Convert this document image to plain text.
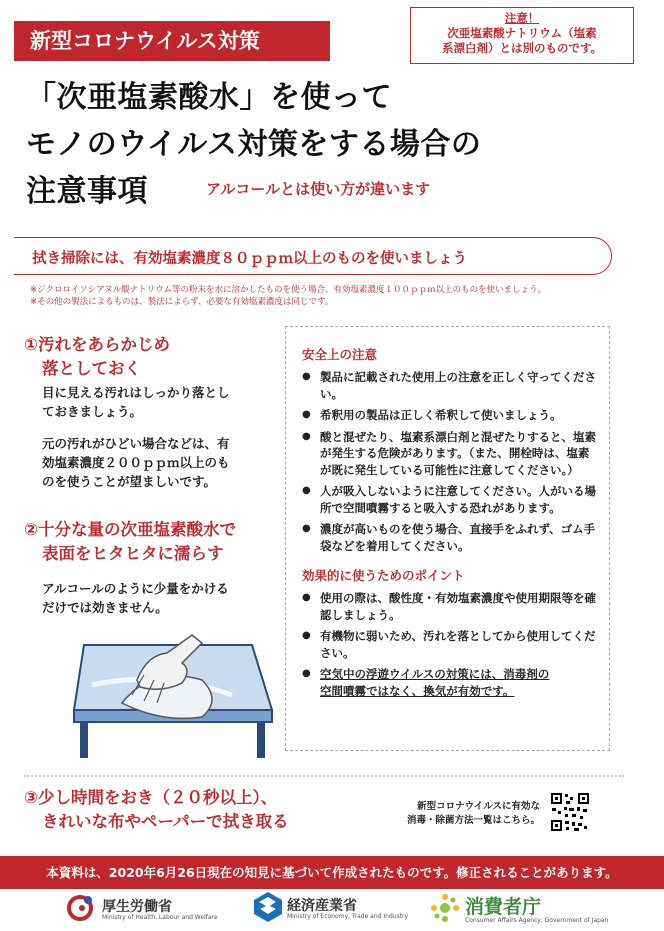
新型コロナウイルス対策
注意！
次亜塩素酸ナトリウム（塩素
系漂白剤）とは別のものです。
「次亜塩素酸水」を使って
モノのウイルス対策をする場合の
注意事項	アルコールとは使い方が違います
拭き掃除には、有効塩素濃度８０ｐｐｍ以上のものを使いましょう
※ジクロロイソシアヌル酸ナトリウム等の粉末を水に溶かしたものを使う場合、有効塩素濃度１００ｐｐｍ以上のものを使いましょう。
※その他の製法によるものは、製法によらず、必要な有効塩素濃度は同じです。
①汚れをあらかじめ
落としておく
目に見える汚れはしっかり落とし
ておきましょう。
元の汚れがひどい場合などは、有
効塩素濃度２００ｐｐｍ以上のも
のを使うことが望ましいです。
②十分な量の次亜塩素酸水で
表面をヒタヒタに濡らす
アルコールのように少量をかける
だけでは効きません。
安全上の注意
● 製品に記載された使用上の注意を正しく守ってください。
● 希釈用の製品は正しく希釈して使いましょう。
● 酸と混ぜたり、塩素系漂白剤と混ぜたりすると、塩素が発生する危険があります。（また、開栓時は、塩素が既に発生している可能性に注意してください。）
● 人が吸入しないように注意してください。人がいる場所で空間噴霧すると吸入する恐れがあります。
● 濃度が高いものを使う場合、直接手をふれず、ゴム手袋などを着用してください。
効果的に使うためのポイント
● 使用の際は、酸性度・有効塩素濃度や使用期限等を確認しましょう。
● 有機物に弱いため、汚れを落としてから使用してください。
● 空気中の浮遊ウイルスの対策には、消毒剤の
空間噴霧ではなく、換気が有効です。
③少し時間をおき（２０秒以上）、
きれいな布やペーパーで拭き取る
新型コロナウイルスに有効な
消毒・除菌方法一覧はこちら。
本資料は、2020年6月26日現在の知見に基づいて作成されたものです。修正されることがあります。
厚生労働省
Ministry of Health, Labour and Welfare
経済産業省
Ministry of Economy, Trade and Industry	消費者庁
Consumer Affairs Agency, Government of Japan
